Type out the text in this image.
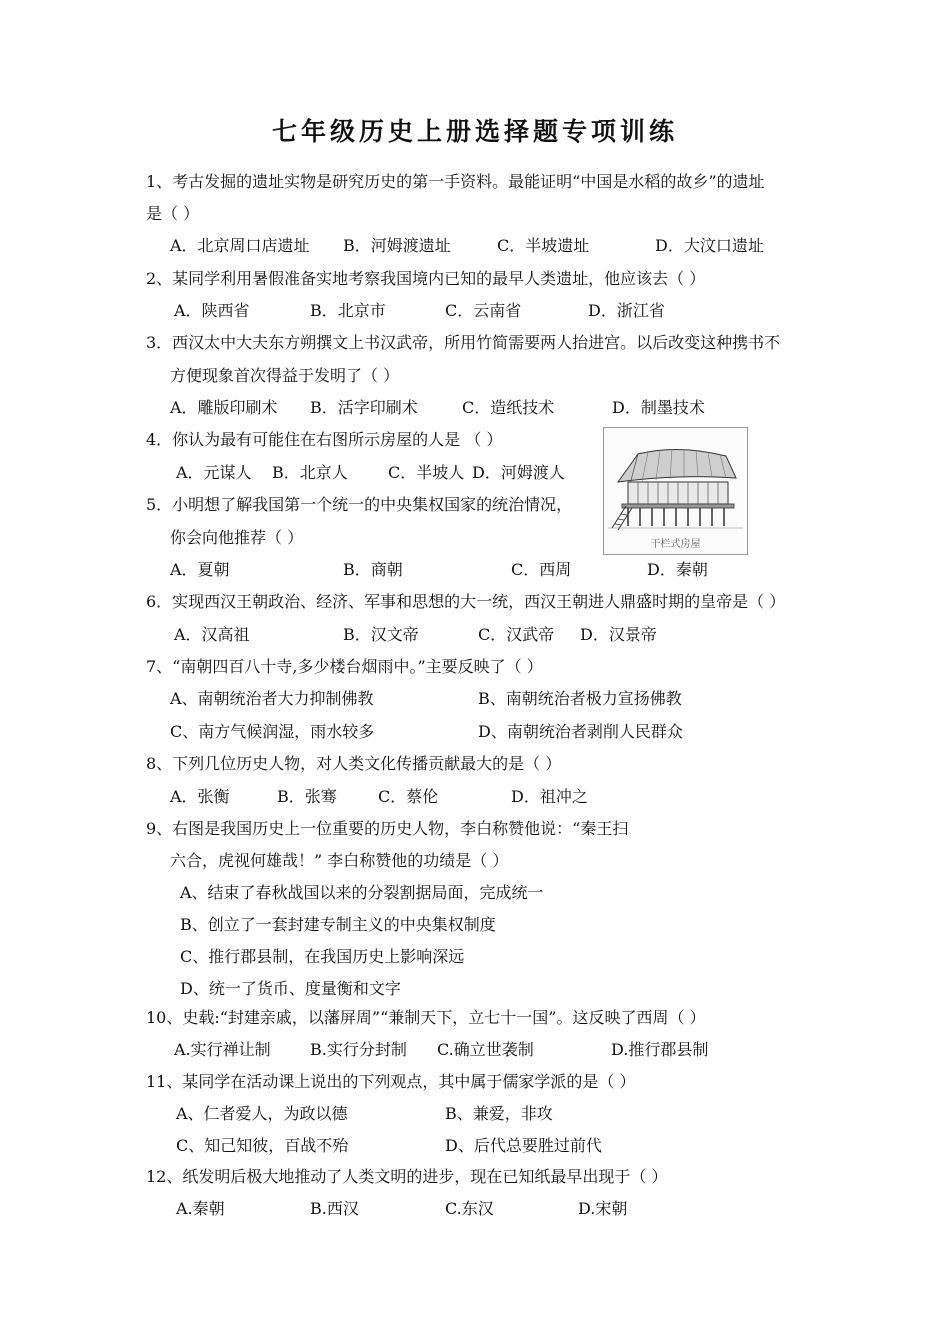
七年级历史上册选择题专项训练
1、考古发掘的遗址实物是研究历史的第一手资料。最能证明“中国是水稻的故乡”的遗址
是（ ）
A．北京周口店遗址 B．河姆渡遗址	C．半坡遗址	D．大汶口遗址
2、某同学利用暑假准备实地考察我国境内已知的最早人类遗址，他应该去（ ）
A．陕西省	B．北京市	C．云南省	D．浙江省
3．西汉太中大夫东方朔撰文上书汉武帝，所用竹简需要两人抬进宫。以后改变这种携书不
方便现象首次得益于发明了（ ）
A．雕版印刷术 B．活字印刷术	C．造纸技术	D．制墨技术
4．你认为最有可能住在右图所示房屋的人是 （ ）
A．元谋人 B．北京人	C．半坡人 D．河姆渡人
干栏式房屋
5．小明想了解我国第一个统一的中央集权国家的统治情况，
你会向他推荐（ ）
A．夏朝	B．商朝	C．西周	D．秦朝
6．实现西汉王朝政治、经济、军事和思想的大一统，西汉王朝进人鼎盛时期的皇帝是（ ）
A．汉高祖	B．汉文帝	C．汉武帝 D．汉景帝
7、“南朝四百八十寺,多少楼台烟雨中。”主要反映了（ ）
A、南朝统治者大力抑制佛教	B、南朝统治者极力宣扬佛教
C、南方气候润湿，雨水较多	D、南朝统治者剥削人民群众
8、下列几位历史人物，对人类文化传播贡献最大的是（ ）
A．张衡	B．张骞	C．蔡伦	D．祖冲之
9、右图是我国历史上一位重要的历史人物，李白称赞他说：“秦王扫
六合，虎视何雄哉！” 李白称赞他的功绩是（ ）
A、结束了春秋战国以来的分裂割据局面，完成统一
B、创立了一套封建专制主义的中央集权制度
C、推行郡县制，在我国历史上影响深远
D、统一了货币、度量衡和文字
10、史载:“封建亲戚，以藩屏周”“兼制天下，立七十一国”。这反映了西周（ ）
A.实行禅让制 B.实行分封制 C.确立世袭制	D.推行郡县制
11、某同学在活动课上说出的下列观点，其中属于儒家学派的是（ ）
A、仁者爱人，为政以德	B、兼爱，非攻
C、知己知彼，百战不殆	D、后代总要胜过前代
12、纸发明后极大地推动了人类文明的进步，现在已知纸最早出现于（ ）
A.秦朝	B.西汉	C.东汉	D.宋朝
